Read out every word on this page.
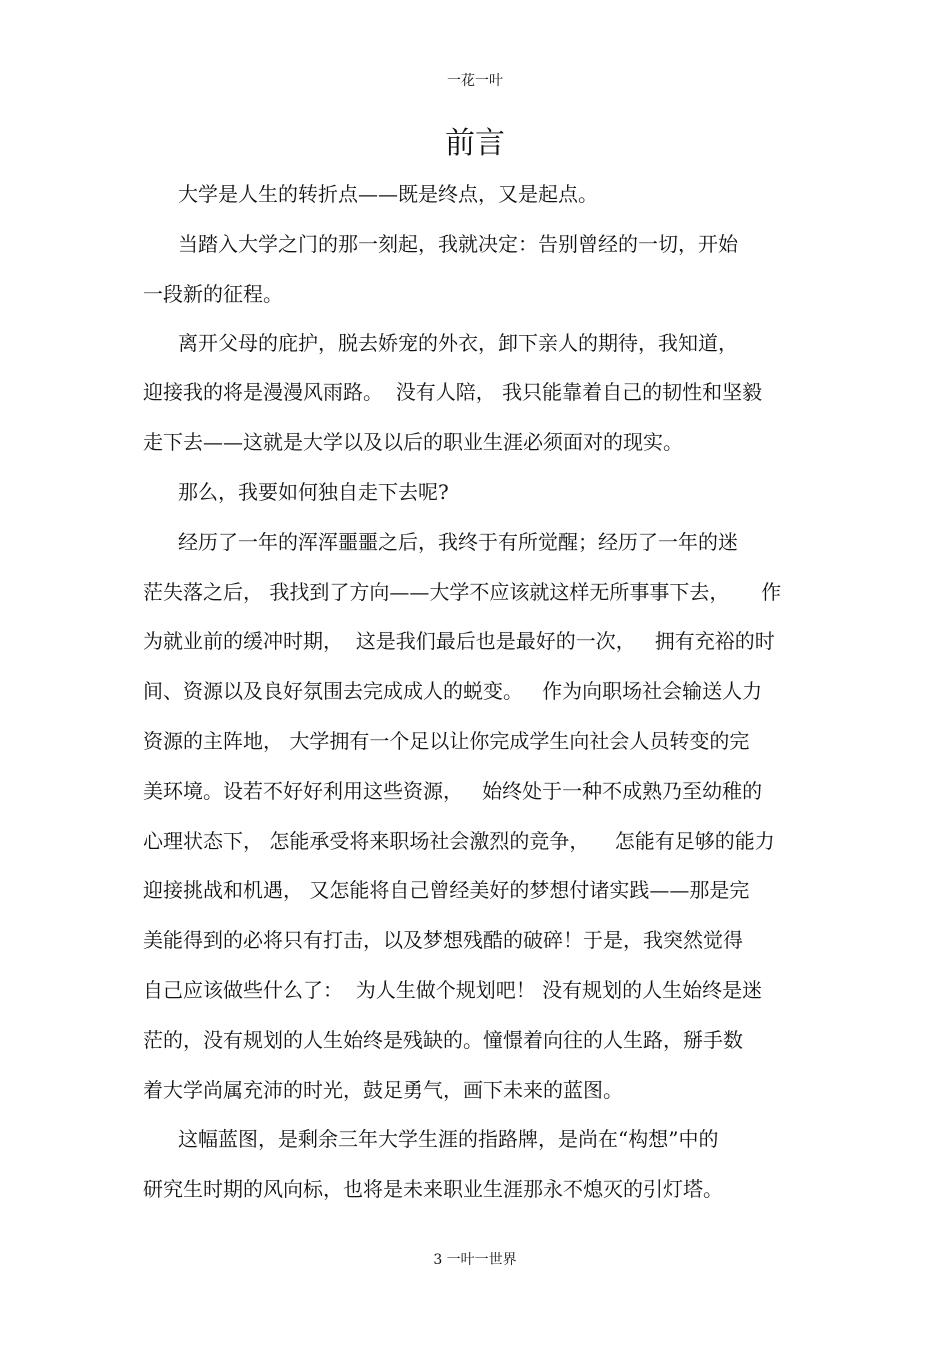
一花一叶
前言
大学是人生的转折点——既是终点，又是起点。
当踏入大学之门的那一刻起，我就决定：告别曾经的一切，开始
一段新的征程。
离开父母的庇护，脱去娇宠的外衣，卸下亲人的期待，我知道，
迎接我的将是漫漫风雨路。  没有人陪， 我只能靠着自己的韧性和坚毅
走下去——这就是大学以及以后的职业生涯必须面对的现实。
那么，我要如何独自走下去呢?
经历了一年的浑浑噩噩之后，我终于有所觉醒；经历了一年的迷
茫失落之后， 我找到了方向——大学不应该就这样无所事事下去，     作
为就业前的缓冲时期，  这是我们最后也是最好的一次，   拥有充裕的时
间、资源以及良好氛围去完成成人的蜕变。   作为向职场社会输送人力
资源的主阵地， 大学拥有一个足以让你完成学生向社会人员转变的完
美环境。设若不好好利用这些资源，   始终处于一种不成熟乃至幼稚的
心理状态下， 怎能承受将来职场社会激烈的竞争，    怎能有足够的能力
迎接挑战和机遇， 又怎能将自己曾经美好的梦想付诸实践——那是完
美能得到的必将只有打击，以及梦想残酷的破碎！于是，我突然觉得
自己应该做些什么了：  为人生做个规划吧！ 没有规划的人生始终是迷
茫的，没有规划的人生始终是残缺的。憧憬着向往的人生路，掰手数
着大学尚属充沛的时光，鼓足勇气，画下未来的蓝图。
这幅蓝图，是剩余三年大学生涯的指路牌，是尚在“构想”中的
研究生时期的风向标，也将是未来职业生涯那永不熄灭的引灯塔。
3 一叶一世界
